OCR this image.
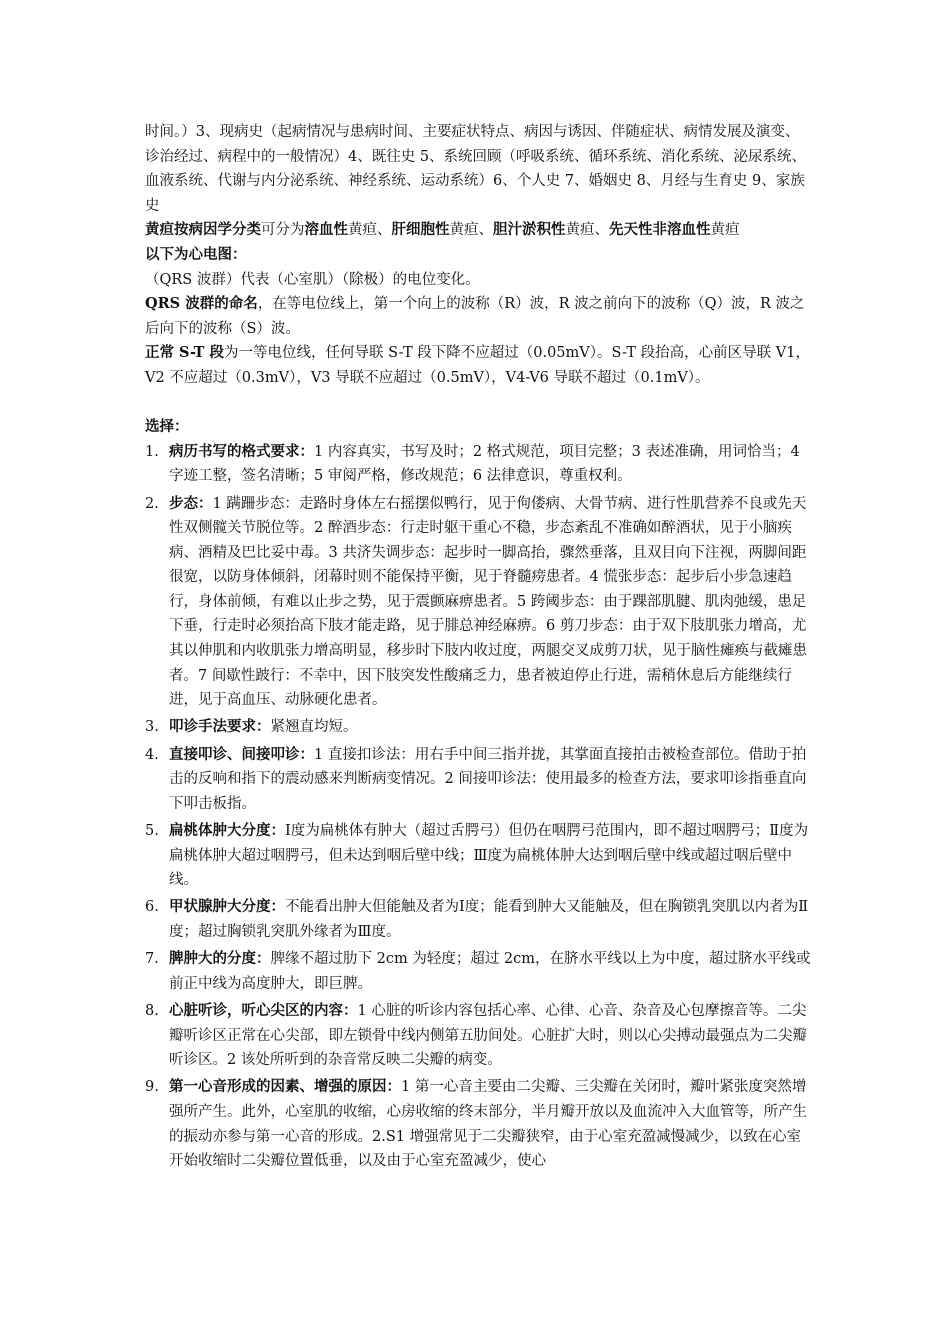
时间。）3、现病史（起病情况与患病时间、主要症状特点、病因与诱因、伴随症状、病情发展及演变、诊治经过、病程中的一般情况）4、既往史 5、系统回顾（呼吸系统、循环系统、消化系统、泌尿系统、血液系统、代谢与内分泌系统、神经系统、运动系统）6、个人史 7、婚姻史 8、月经与生育史 9、家族史

黄疸按病因学分类可分为溶血性黄疸、肝细胞性黄疸、胆汁淤积性黄疸、先天性非溶血性黄疸

以下为心电图：

（QRS 波群）代表（心室肌）（除极）的电位变化。

QRS 波群的命名，在等电位线上，第一个向上的波称（R）波，R 波之前向下的波称（Q）波，R 波之后向下的波称（S）波。

正常 S-T 段为一等电位线，任何导联 S-T 段下降不应超过（0.05mV）。S-T 段抬高，心前区导联 V1，V2 不应超过（0.3mV），V3 导联不应超过（0.5mV），V4-V6 导联不超过（0.1mV）。

选择：

1. 病历书写的格式要求：1 内容真实，书写及时；2 格式规范，项目完整；3 表述准确，用词恰当；4 字迹工整，签名清晰；5 审阅严格，修改规范；6 法律意识，尊重权利。
2. 步态：1 蹒跚步态：走路时身体左右摇摆似鸭行，见于佝偻病、大骨节病、进行性肌营养不良或先天性双侧髋关节脱位等。2 醉酒步态：行走时躯干重心不稳，步态紊乱不准确如醉酒状，见于小脑疾病、酒精及巴比妥中毒。3 共济失调步态：起步时一脚高抬，骤然垂落，且双目向下注视，两脚间距很宽，以防身体倾斜，闭幕时则不能保持平衡，见于脊髓痨患者。4 慌张步态：起步后小步急速趋行，身体前倾，有难以止步之势，见于震颤麻痹患者。5 跨阈步态：由于踝部肌腱、肌肉弛缓，患足下垂，行走时必须抬高下肢才能走路，见于腓总神经麻痹。6 剪刀步态：由于双下肢肌张力增高，尤其以伸肌和内收肌张力增高明显，移步时下肢内收过度，两腿交叉成剪刀状，见于脑性瘫痪与截瘫患者。7 间歇性跛行：不幸中，因下肢突发性酸痛乏力，患者被迫停止行进，需稍休息后方能继续行进，见于高血压、动脉硬化患者。
3. 叩诊手法要求：紧翘直均短。
4. 直接叩诊、间接叩诊：1 直接扣诊法：用右手中间三指并拢，其掌面直接拍击被检查部位。借助于拍击的反响和指下的震动感来判断病变情况。2 间接叩诊法：使用最多的检查方法，要求叩诊指垂直向下叩击板指。
5. 扁桃体肿大分度：Ⅰ度为扁桃体有肿大（超过舌腭弓）但仍在咽腭弓范围内，即不超过咽腭弓；Ⅱ度为扁桃体肿大超过咽腭弓，但未达到咽后壁中线；Ⅲ度为扁桃体肿大达到咽后壁中线或超过咽后壁中线。
6. 甲状腺肿大分度：不能看出肿大但能触及者为Ⅰ度；能看到肿大又能触及，但在胸锁乳突肌以内者为Ⅱ度；超过胸锁乳突肌外缘者为Ⅲ度。
7. 脾肿大的分度：脾缘不超过肋下 2cm 为轻度；超过 2cm，在脐水平线以上为中度，超过脐水平线或前正中线为高度肿大，即巨脾。
8. 心脏听诊，听心尖区的内容：1 心脏的听诊内容包括心率、心律、心音、杂音及心包摩擦音等。二尖瓣听诊区正常在心尖部，即左锁骨中线内侧第五肋间处。心脏扩大时，则以心尖搏动最强点为二尖瓣听诊区。2 该处所听到的杂音常反映二尖瓣的病变。
9. 第一心音形成的因素、增强的原因：1 第一心音主要由二尖瓣、三尖瓣在关闭时，瓣叶紧张度突然增强所产生。此外，心室肌的收缩，心房收缩的终末部分，半月瓣开放以及血流冲入大血管等，所产生的振动亦参与第一心音的形成。2.S1 增强常见于二尖瓣狭窄，由于心室充盈减慢减少，以致在心室开始收缩时二尖瓣位置低垂，以及由于心室充盈减少，使心
